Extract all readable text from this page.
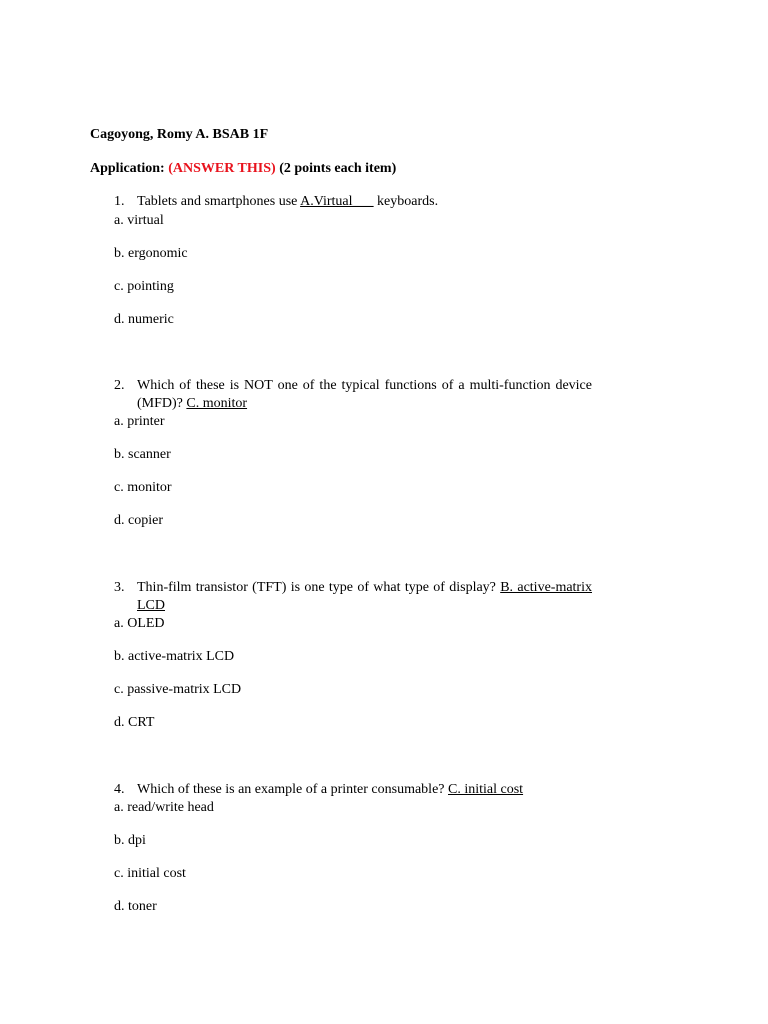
Cagoyong, Romy A. BSAB 1F
Application: (ANSWER THIS) (2 points each item)
1. Tablets and smartphones use A.Virtual___ keyboards.
a. virtual
b. ergonomic
c. pointing
d. numeric
2. Which of these is NOT one of the typical functions of a multi-function device (MFD)? C. monitor
a. printer
b. scanner
c. monitor
d. copier
3. Thin-film transistor (TFT) is one type of what type of display? B. active-matrix LCD
a. OLED
b. active-matrix LCD
c. passive-matrix LCD
d. CRT
4. Which of these is an example of a printer consumable? C. initial cost
a. read/write head
b. dpi
c. initial cost
d. toner
